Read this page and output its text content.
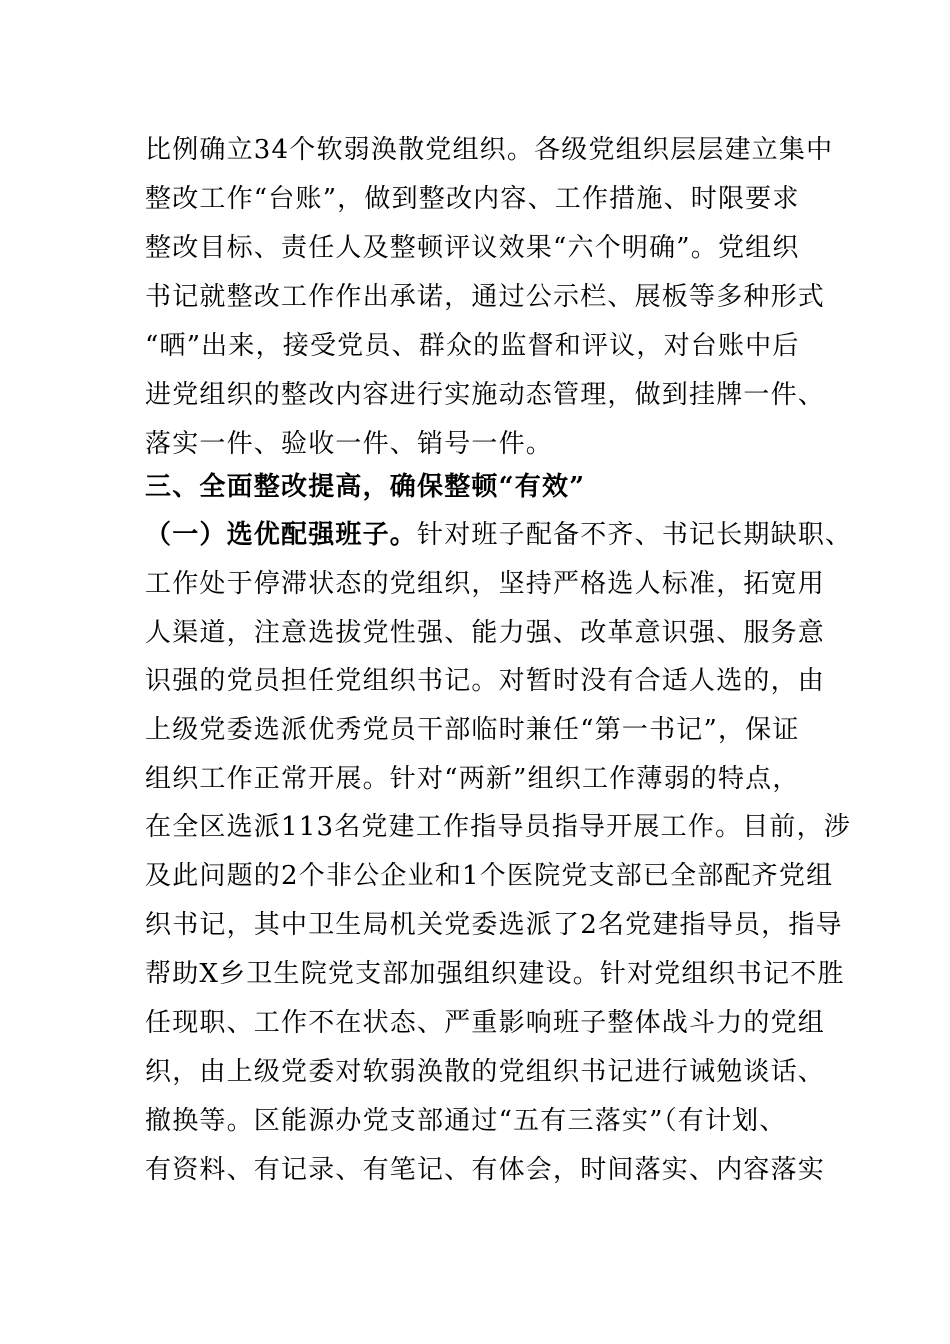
比例确立34个软弱涣散党组织。各级党组织层层建立集中
整改工作“台账”，做到整改内容、工作措施、时限要求
整改目标、责任人及整顿评议效果“六个明确”。党组织
书记就整改工作作出承诺，通过公示栏、展板等多种形式
“晒”出来，接受党员、群众的监督和评议，对台账中后
进党组织的整改内容进行实施动态管理，做到挂牌一件、
落实一件、验收一件、销号一件。
三、全面整改提高，确保整顿“有效”
（一）选优配强班子。针对班子配备不齐、书记长期缺职、
工作处于停滞状态的党组织，坚持严格选人标准，拓宽用
人渠道，注意选拔党性强、能力强、改革意识强、服务意
识强的党员担任党组织书记。对暂时没有合适人选的，由
上级党委选派优秀党员干部临时兼任“第一书记”，保证
组织工作正常开展。针对“两新”组织工作薄弱的特点，
在全区选派113名党建工作指导员指导开展工作。目前，涉
及此问题的2个非公企业和1个医院党支部已全部配齐党组
织书记，其中卫生局机关党委选派了2名党建指导员，指导
帮助X乡卫生院党支部加强组织建设。针对党组织书记不胜
任现职、工作不在状态、严重影响班子整体战斗力的党组
织，由上级党委对软弱涣散的党组织书记进行诫勉谈话、
撤换等。区能源办党支部通过“五有三落实”（有计划、
有资料、有记录、有笔记、有体会，时间落实、内容落实
